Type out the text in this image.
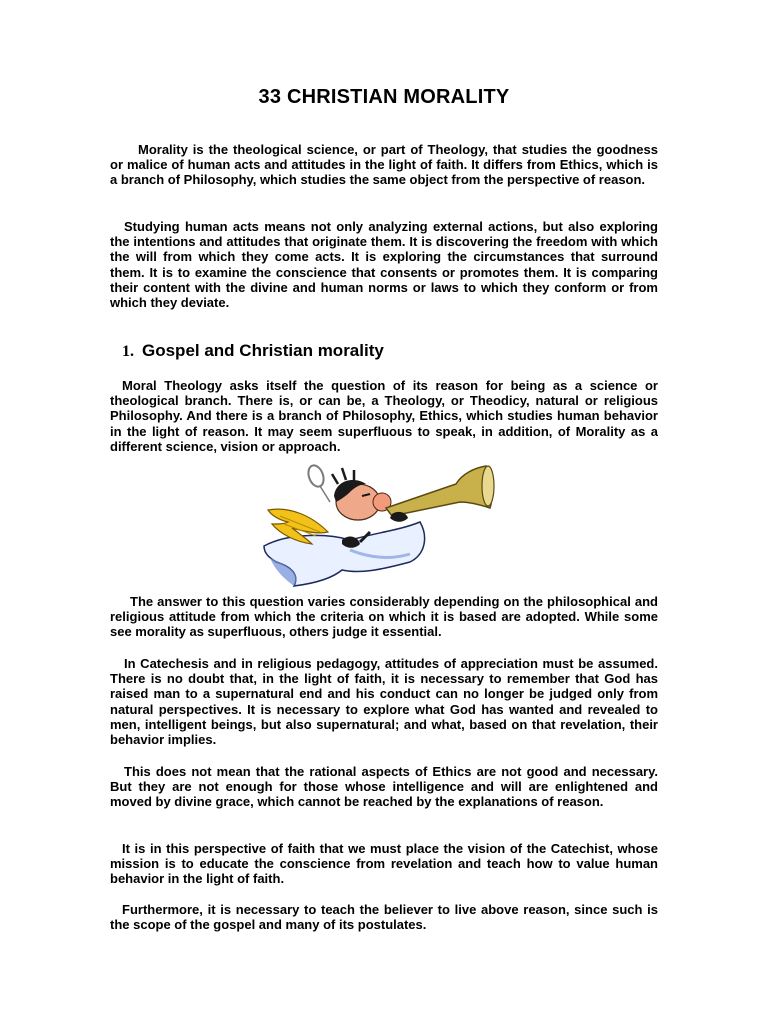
33 CHRISTIAN MORALITY

Morality is the theological science, or part of Theology, that studies the goodness or malice of human acts and attitudes in the light of faith. It differs from Ethics, which is a branch of Philosophy, which studies the same object from the perspective of reason.

Studying human acts means not only analyzing external actions, but also exploring the intentions and attitudes that originate them. It is discovering the freedom with which the will from which they come acts. It is exploring the circumstances that surround them. It is to examine the conscience that consents or promotes them. It is comparing their content with the divine and human norms or laws to which they conform or from which they deviate.

1. Gospel and Christian morality

Moral Theology asks itself the question of its reason for being as a science or theological branch. There is, or can be, a Theology, or Theodicy, natural or religious Philosophy. And there is a branch of Philosophy, Ethics, which studies human behavior in the light of reason. It may seem superfluous to speak, in addition, of Morality as a different science, vision or approach.

The answer to this question varies considerably depending on the philosophical and religious attitude from which the criteria on which it is based are adopted. While some see morality as superfluous, others judge it essential.

In Catechesis and in religious pedagogy, attitudes of appreciation must be assumed. There is no doubt that, in the light of faith, it is necessary to remember that God has raised man to a supernatural end and his conduct can no longer be judged only from natural perspectives. It is necessary to explore what God has wanted and revealed to men, intelligent beings, but also supernatural; and what, based on that revelation, their behavior implies.

This does not mean that the rational aspects of Ethics are not good and necessary. But they are not enough for those whose intelligence and will are enlightened and moved by divine grace, which cannot be reached by the explanations of reason.

It is in this perspective of faith that we must place the vision of the Catechist, whose mission is to educate the conscience from revelation and teach how to value human behavior in the light of faith.

Furthermore, it is necessary to teach the believer to live above reason, since such is the scope of the gospel and many of its postulates.
